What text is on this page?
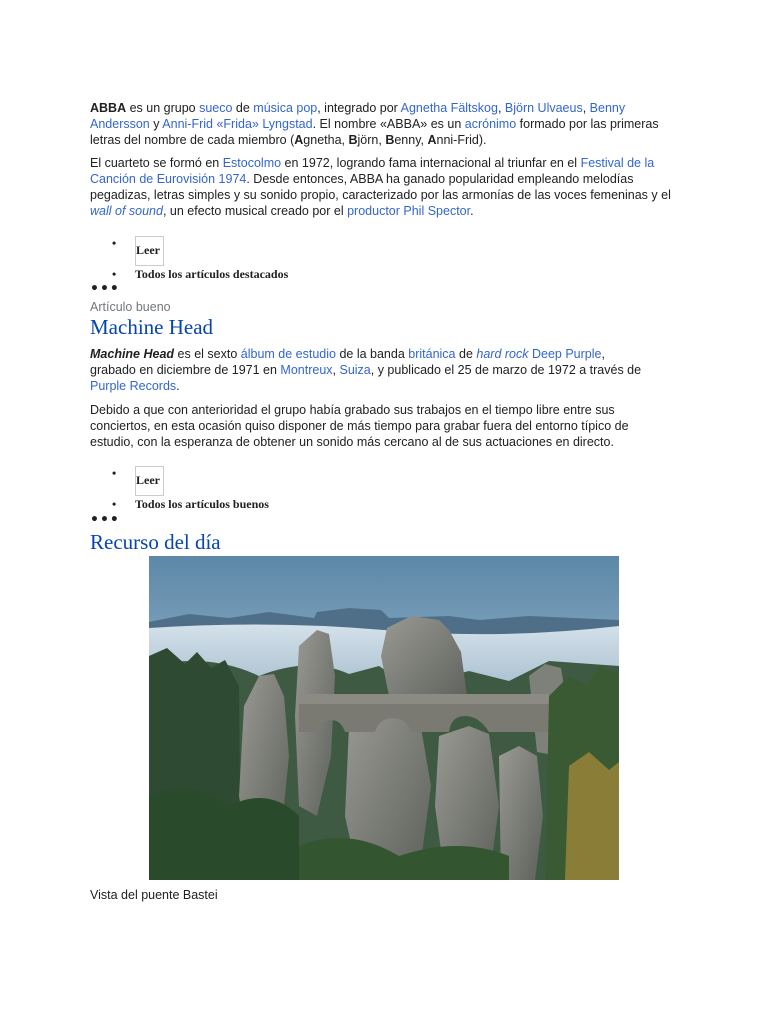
ABBA es un grupo sueco de música pop, integrado por Agnetha Fältskog, Björn Ulvaeus, Benny Andersson y Anni-Frid «Frida» Lyngstad. El nombre «ABBA» es un acrónimo formado por las primeras letras del nombre de cada miembro (Agnetha, Björn, Benny, Anni-Frid).

El cuarteto se formó en Estocolmo en 1972, logrando fama internacional al triunfar en el Festival de la Canción de Eurovisión 1974. Desde entonces, ABBA ha ganado popularidad empleando melodías pegadizas, letras simples y su sonido propio, caracterizado por las armonías de las voces femeninas y el wall of sound, un efecto musical creado por el productor Phil Spector.

• Leer
• Todos los artículos destacados
•••
Artículo bueno
Machine Head

Machine Head es el sexto álbum de estudio de la banda británica de hard rock Deep Purple, grabado en diciembre de 1971 en Montreux, Suiza, y publicado el 25 de marzo de 1972 a través de Purple Records.

Debido a que con anterioridad el grupo había grabado sus trabajos en el tiempo libre entre sus conciertos, en esta ocasión quiso disponer de más tiempo para grabar fuera del entorno típico de estudio, con la esperanza de obtener un sonido más cercano al de sus actuaciones en directo.

• Leer
• Todos los artículos buenos
•••
Recurso del día
Vista del puente Bastei
